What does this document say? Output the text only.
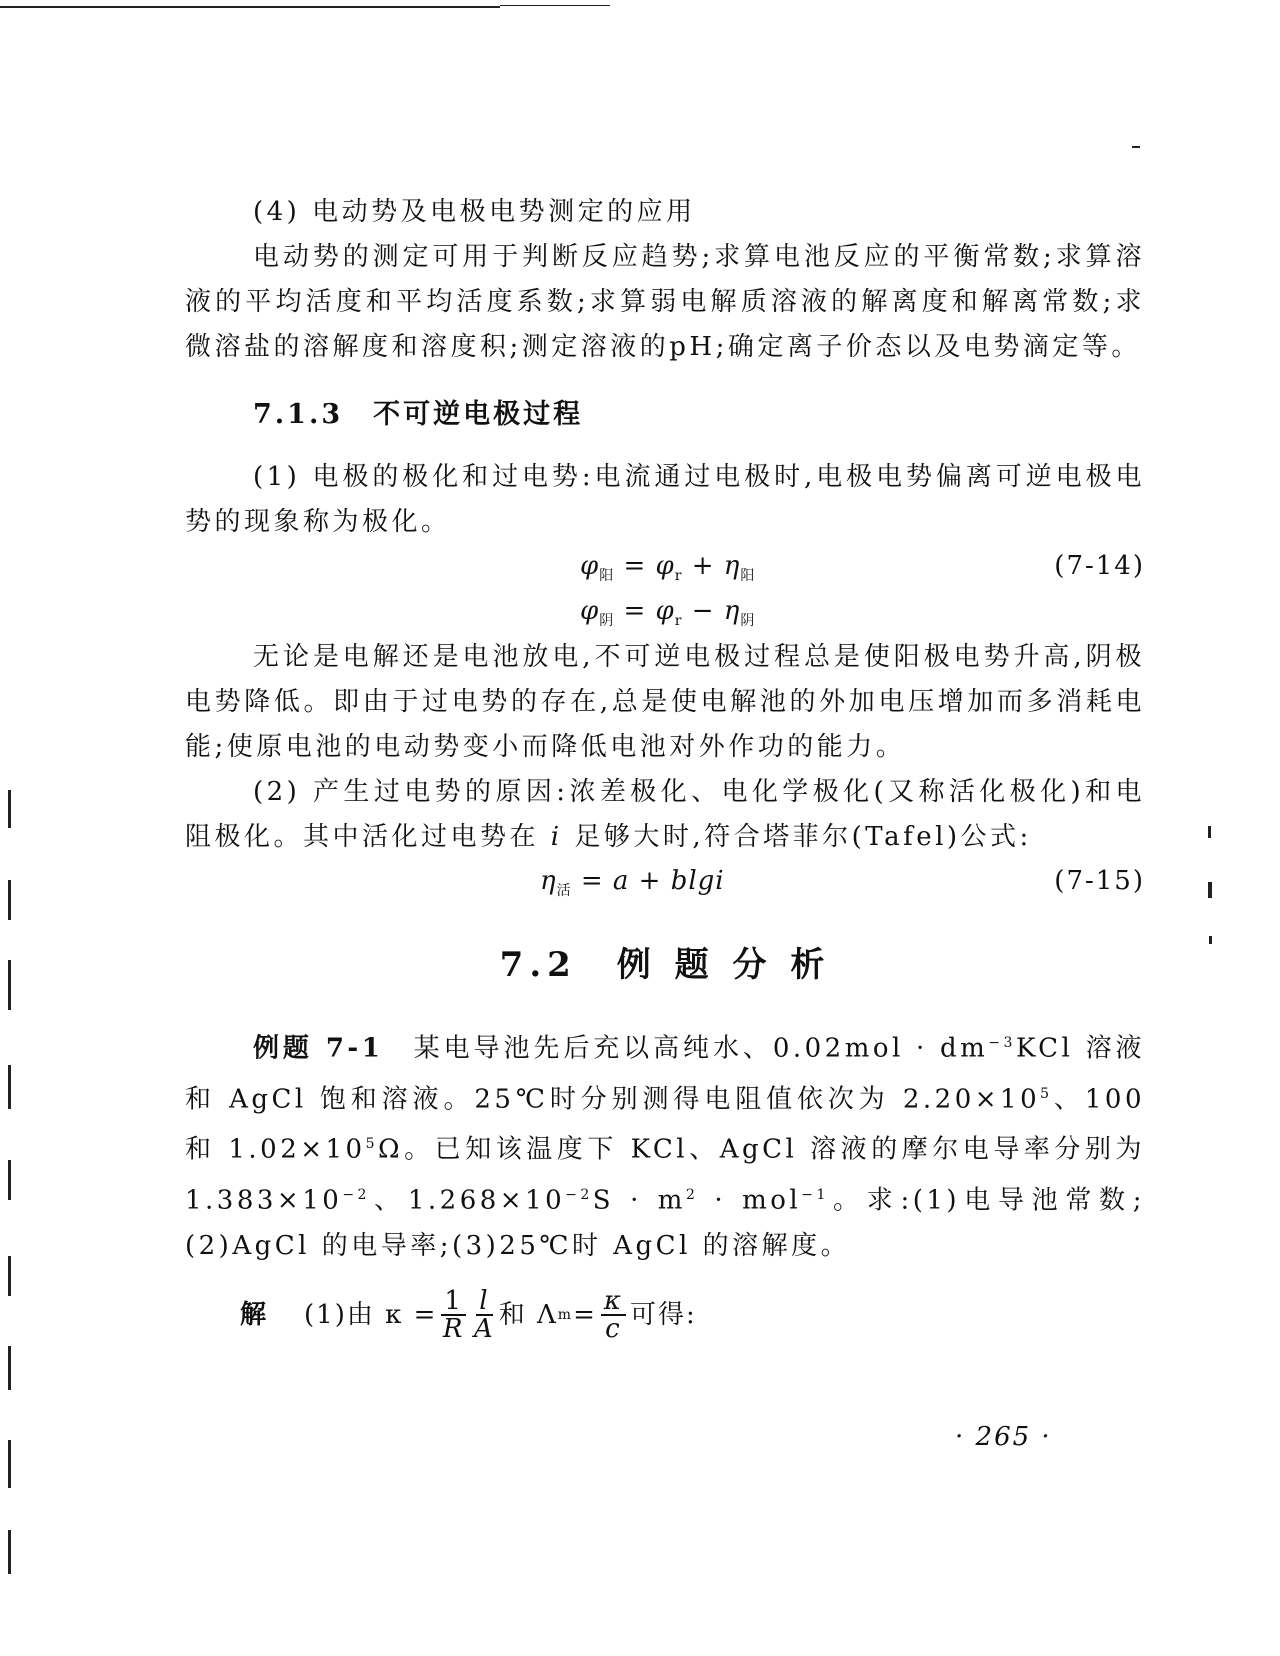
(4) 电动势及电极电势测定的应用

电动势的测定可用于判断反应趋势;求算电池反应的平衡常数;求算溶液的平均活度和平均活度系数;求算弱电解质溶液的解离度和解离常数;求微溶盐的溶解度和溶度积;测定溶液的pH;确定离子价态以及电势滴定等。

7.1.3　不可逆电极过程

(1) 电极的极化和过电势:电流通过电极时,电极电势偏离可逆电极电势的现象称为极化。

$\varphi_阳 = \varphi_r + \eta_阳$	(7-14)
$\varphi_阴 = \varphi_r - \eta_阴$

无论是电解还是电池放电,不可逆电极过程总是使阳极电势升高,阴极电势降低。即由于过电势的存在,总是使电解池的外加电压增加而多消耗电能;使原电池的电动势变小而降低电池对外作功的能力。

(2) 产生过电势的原因:浓差极化、电化学极化(又称活化极化)和电阻极化。其中活化过电势在 i 足够大时,符合塔菲尔(Tafel)公式:

$\eta_活 = a + blgi$	(7-15)
7.2　例 题 分 析

例题 7-1　某电导池先后充以高纯水、$0.02mol \cdot dm^{-3}KCl$ 溶液和 AgCl 饱和溶液。25℃时分别测得电阻值依次为 $2.20\times 10^5$、100 和 $1.02\times 10^5\Omega$。已知该温度下 KCl、AgCl 溶液的摩尔电导率分别为 $1.383\times 10^{-2}$、$1.268\times 10^{-2}S \cdot m^2 \cdot mol^{-1}$。求:(1)电导池常数;(2)AgCl 的电导率;(3)25℃时 AgCl 的溶解度。

解 (1)由 $\kappa = \frac{1}{R} \frac{l}{A}$ 和 Λ $m = \frac{\kappa}{c}$ 可得:
· 265 ·
